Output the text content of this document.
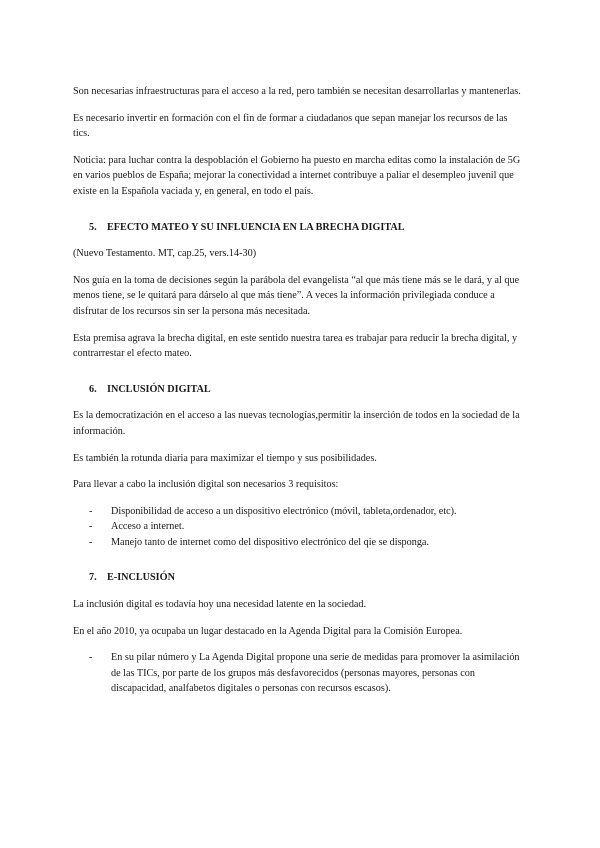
Son necesarias infraestructuras para el acceso a la red, pero también se necesitan desarrollarlas y mantenerlas.

Es necesario invertir en formación con el fin de formar a ciudadanos que sepan manejar los recursos de las tics.

Noticia: para luchar contra la despoblación el Gobierno ha puesto en marcha editas como la instalación de 5G en varios pueblos de España; mejorar la conectividad a internet contribuye a paliar el desempleo juvenil que existe en la Española vaciada y, en general, en todo el país.

5.	EFECTO MATEO Y SU INFLUENCIA EN LA BRECHA DIGITAL

(Nuevo Testamento. MT, cap.25, vers.14-30)

Nos guía en la toma de decisiones según la parábola del evangelista “al que más tiene más se le dará, y al que menos tiene, se le quitará para dárselo al que más tiene”. A veces la información privilegiada conduce a disfrutar de los recursos sin ser la persona más necesitada.

Esta premisa agrava la brecha digital, en este sentido nuestra tarea es trabajar para reducir la brecha digital, y contrarrestar el efecto mateo.

6.	INCLUSIÓN DIGITAL

Es la democratización en el acceso a las nuevas tecnologías,permitir la inserción de todos en la sociedad de la información.

Es también la rotunda diaria para maximizar el tiempo y sus posibilidades.

Para llevar a cabo la inclusión digital son necesarios 3 requisitos:

-	Disponibilidad de acceso a un dispositivo electrónico (móvil, tableta,ordenador, etc).
-	Acceso a internet.
-	Manejo tanto de internet como del dispositivo electrónico del qie se disponga.
7.	E-INCLUSIÓN

La inclusión digital es todavía hoy una necesidad latente en la sociedad.

En el año 2010, ya ocupaba un lugar destacado en la Agenda Digital para la Comisión Europea.

-	En su pilar número y La Agenda Digital propone una serie de medidas para promover la asimilación de las TICs, por parte de los grupos más desfavorecidos (personas mayores, personas con discapacidad, analfabetos digitales o personas con recursos escasos).
